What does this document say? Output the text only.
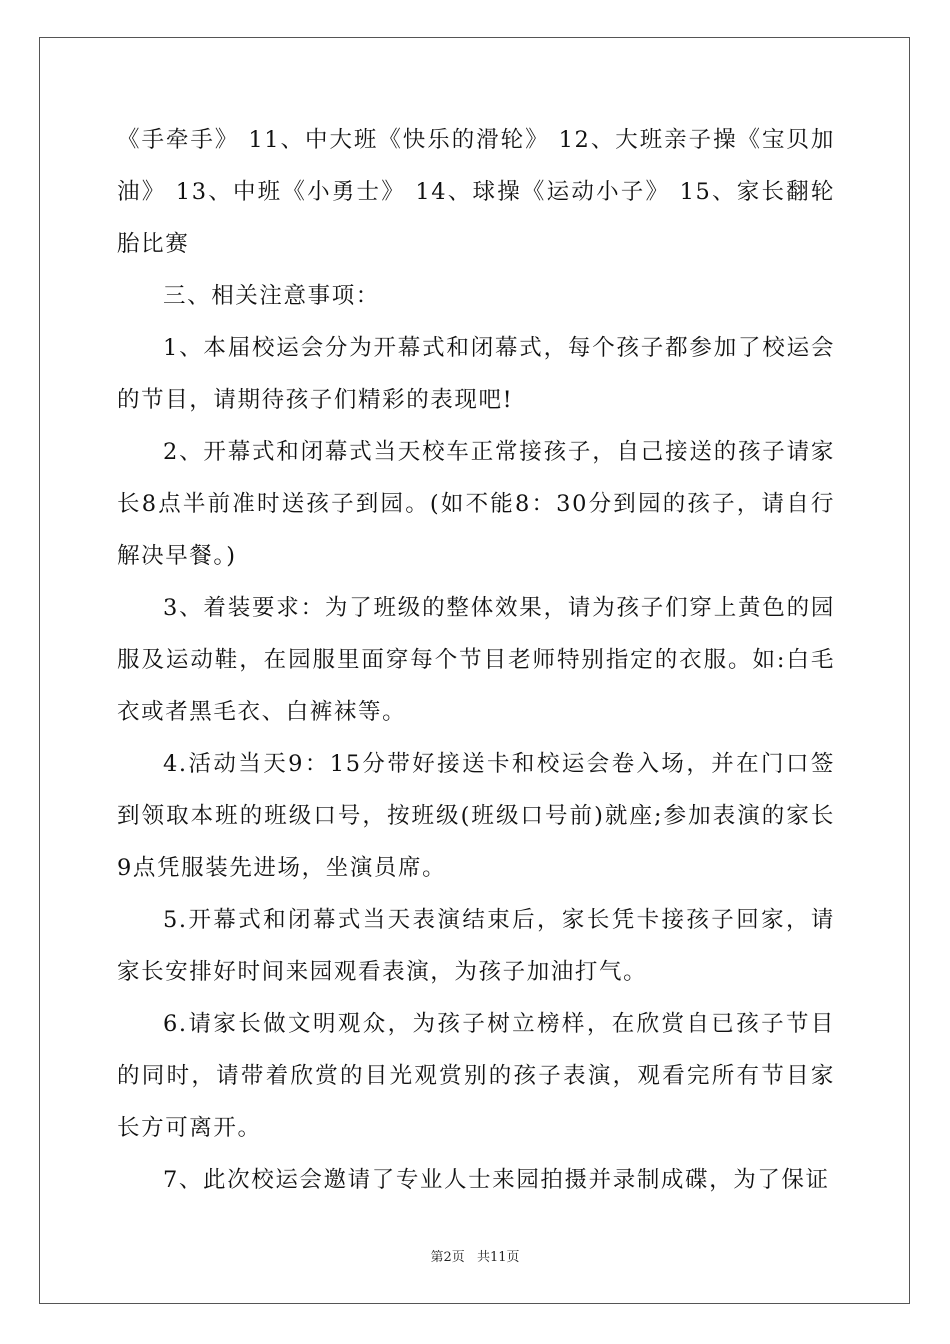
《手牵手》 11、中大班《快乐的滑轮》 12、大班亲子操《宝贝加油》 13、中班《小勇士》 14、球操《运动小子》 15、家长翻轮胎比赛

三、相关注意事项：

1、本届校运会分为开幕式和闭幕式，每个孩子都参加了校运会的节目，请期待孩子们精彩的表现吧!

2、开幕式和闭幕式当天校车正常接孩子，自己接送的孩子请家长8点半前准时送孩子到园。(如不能8：30分到园的孩子，请自行解决早餐。)

3、着装要求：为了班级的整体效果，请为孩子们穿上黄色的园服及运动鞋，在园服里面穿每个节目老师特别指定的衣服。如:白毛衣或者黑毛衣、白裤袜等。

4.活动当天9：15分带好接送卡和校运会卷入场，并在门口签到领取本班的班级口号，按班级(班级口号前)就座;参加表演的家长9点凭服装先进场，坐演员席。

5.开幕式和闭幕式当天表演结束后，家长凭卡接孩子回家，请家长安排好时间来园观看表演，为孩子加油打气。

6.请家长做文明观众，为孩子树立榜样，在欣赏自已孩子节目的同时，请带着欣赏的目光观赏别的孩子表演，观看完所有节目家长方可离开。

7、此次校运会邀请了专业人士来园拍摄并录制成碟，为了保证

第2页 共11页
